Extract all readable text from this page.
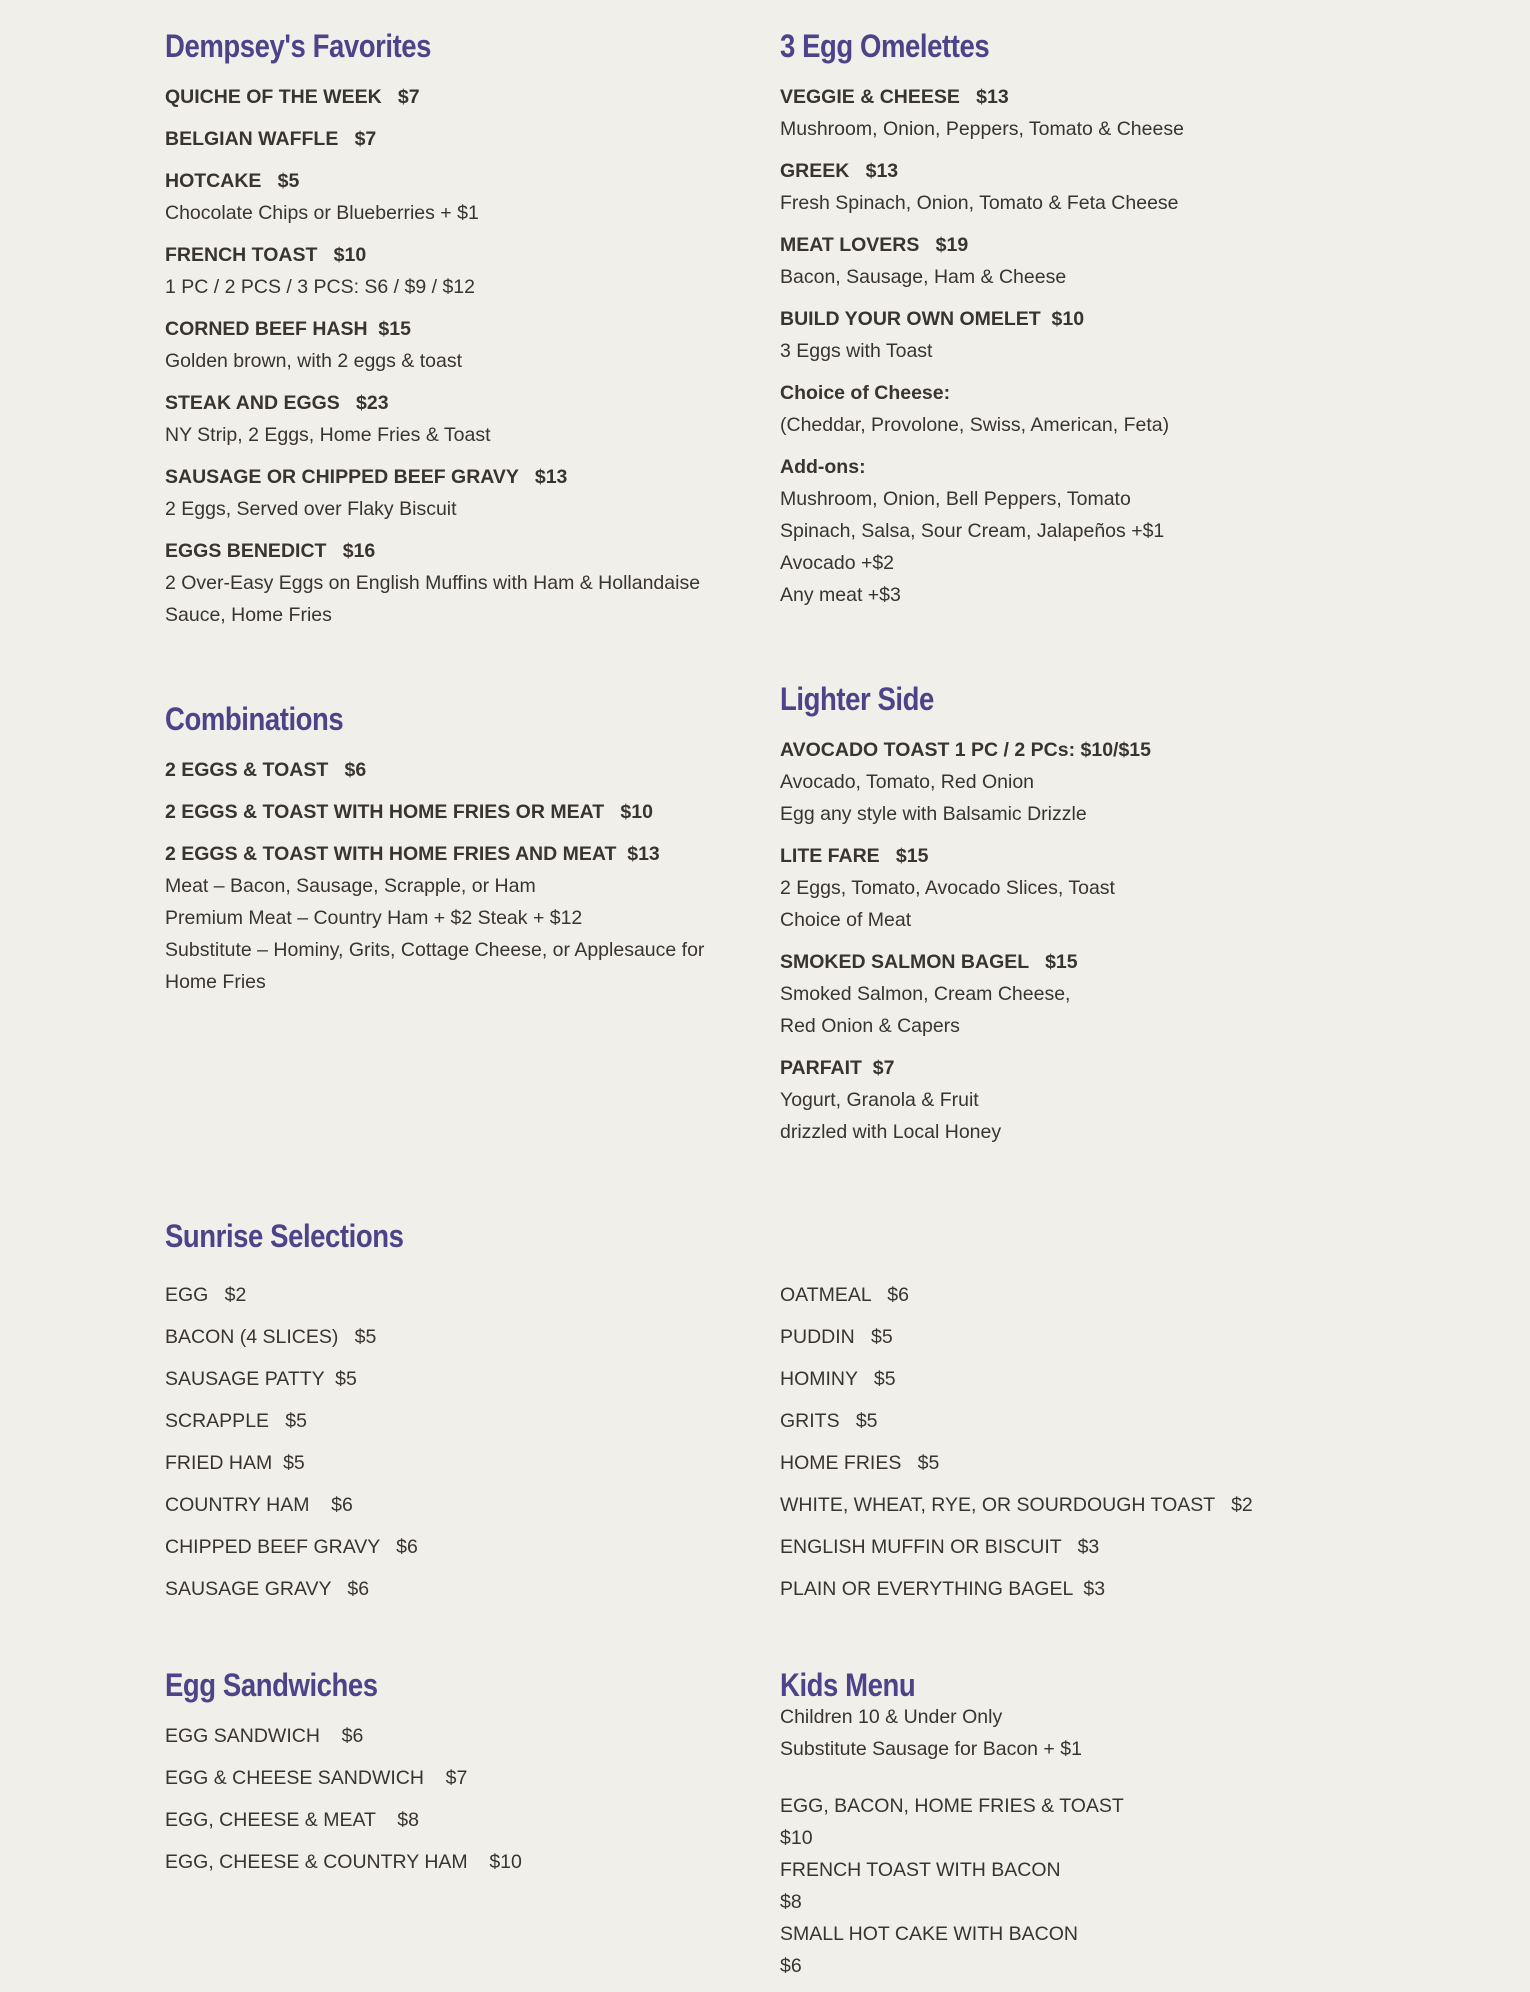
Dempsey's Favorites
QUICHE OF THE WEEK   $7
BELGIAN WAFFLE   $7
HOTCAKE   $5
Chocolate Chips or Blueberries + $1
FRENCH TOAST   $10
1 PC / 2 PCS / 3 PCS: S6 / $9 / $12
CORNED BEEF HASH  $15
Golden brown, with 2 eggs & toast
STEAK AND EGGS   $23
NY Strip, 2 Eggs, Home Fries & Toast
SAUSAGE OR CHIPPED BEEF GRAVY   $13
2 Eggs, Served over Flaky Biscuit
EGGS BENEDICT   $16
2 Over-Easy Eggs on English Muffins with Ham & Hollandaise Sauce, Home Fries
3 Egg Omelettes
VEGGIE & CHEESE   $13
Mushroom, Onion, Peppers, Tomato & Cheese
GREEK   $13
Fresh Spinach, Onion, Tomato & Feta Cheese
MEAT LOVERS   $19
Bacon, Sausage, Ham & Cheese
BUILD YOUR OWN OMELET  $10
3 Eggs with Toast
Choice of Cheese:
(Cheddar, Provolone, Swiss, American, Feta)
Add-ons:
Mushroom, Onion, Bell Peppers, Tomato
Spinach, Salsa, Sour Cream, Jalapeños +$1
Avocado +$2
Any meat +$3
Combinations
2 EGGS & TOAST   $6
2 EGGS & TOAST WITH HOME FRIES OR MEAT   $10
2 EGGS & TOAST WITH HOME FRIES AND MEAT  $13
Meat – Bacon, Sausage, Scrapple, or Ham
Premium Meat – Country Ham + $2 Steak + $12
Substitute – Hominy, Grits, Cottage Cheese, or Applesauce for Home Fries
Lighter Side
AVOCADO TOAST 1 PC / 2 PCs: $10/$15
Avocado, Tomato, Red Onion
Egg any style with Balsamic Drizzle
LITE FARE   $15
2 Eggs, Tomato, Avocado Slices, Toast
Choice of Meat
SMOKED SALMON BAGEL   $15
Smoked Salmon, Cream Cheese,
Red Onion & Capers
PARFAIT  $7
Yogurt, Granola & Fruit
drizzled with Local Honey
Sunrise Selections
EGG   $2
BACON (4 SLICES)   $5
SAUSAGE PATTY  $5
SCRAPPLE   $5
FRIED HAM  $5
COUNTRY HAM    $6
CHIPPED BEEF GRAVY   $6
SAUSAGE GRAVY   $6
OATMEAL   $6
PUDDIN   $5
HOMINY   $5
GRITS   $5
HOME FRIES   $5
WHITE, WHEAT, RYE, OR SOURDOUGH TOAST   $2
ENGLISH MUFFIN OR BISCUIT   $3
PLAIN OR EVERYTHING BAGEL  $3
Egg Sandwiches
EGG SANDWICH    $6
EGG & CHEESE SANDWICH    $7
EGG, CHEESE & MEAT    $8
EGG, CHEESE & COUNTRY HAM    $10
Kids Menu
Children 10 & Under Only
Substitute Sausage for Bacon + $1
EGG, BACON, HOME FRIES & TOAST
$10
FRENCH TOAST WITH BACON
$8
SMALL HOT CAKE WITH BACON
$6
